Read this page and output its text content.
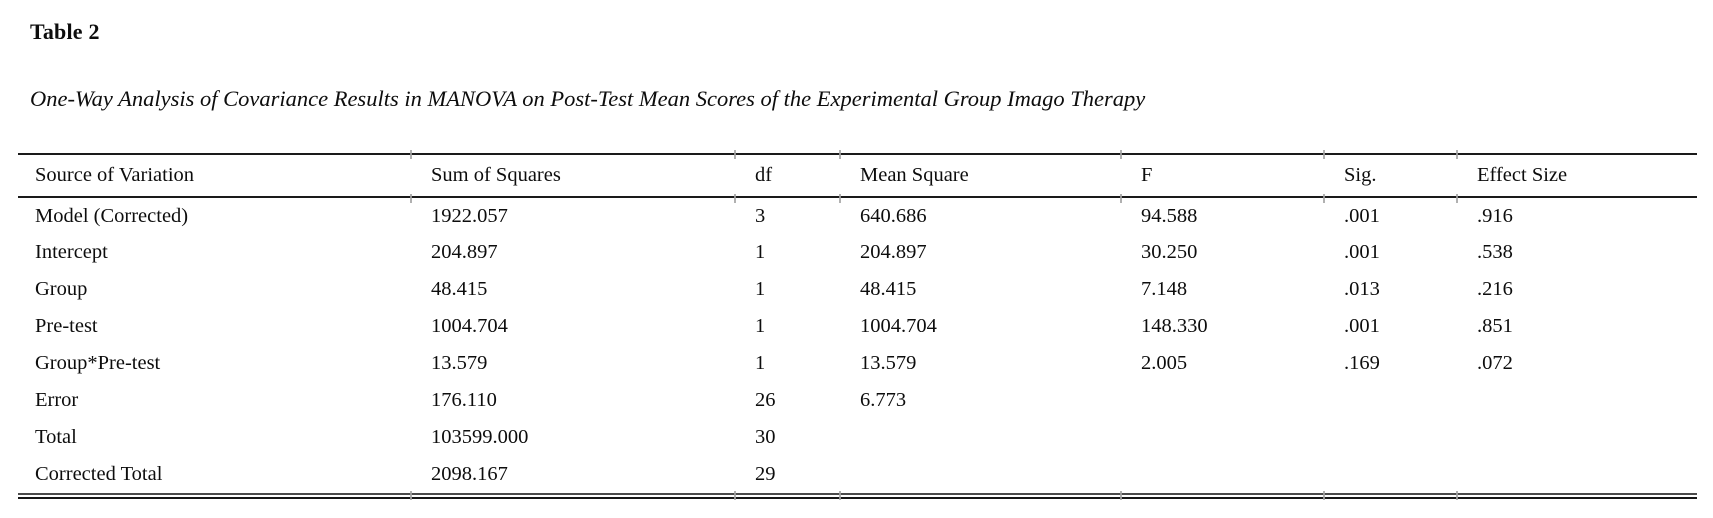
Table 2
One-Way Analysis of Covariance Results in MANOVA on Post-Test Mean Scores of the Experimental Group Imago Therapy
Source of Variation	Sum of Squares	df	Mean Square	F	Sig.	Effect Size
Model (Corrected)	1922.057	3	640.686	94.588	.001	.916
Intercept	204.897	1	204.897	30.250	.001	.538
Group	48.415	1	48.415	7.148	.013	.216
Pre-test	1004.704	1	1004.704	148.330	.001	.851
Group*Pre-test	13.579	1	13.579	2.005	.169	.072
Error	176.110	26	6.773			
Total	103599.000	30				
Corrected Total	2098.167	29				
